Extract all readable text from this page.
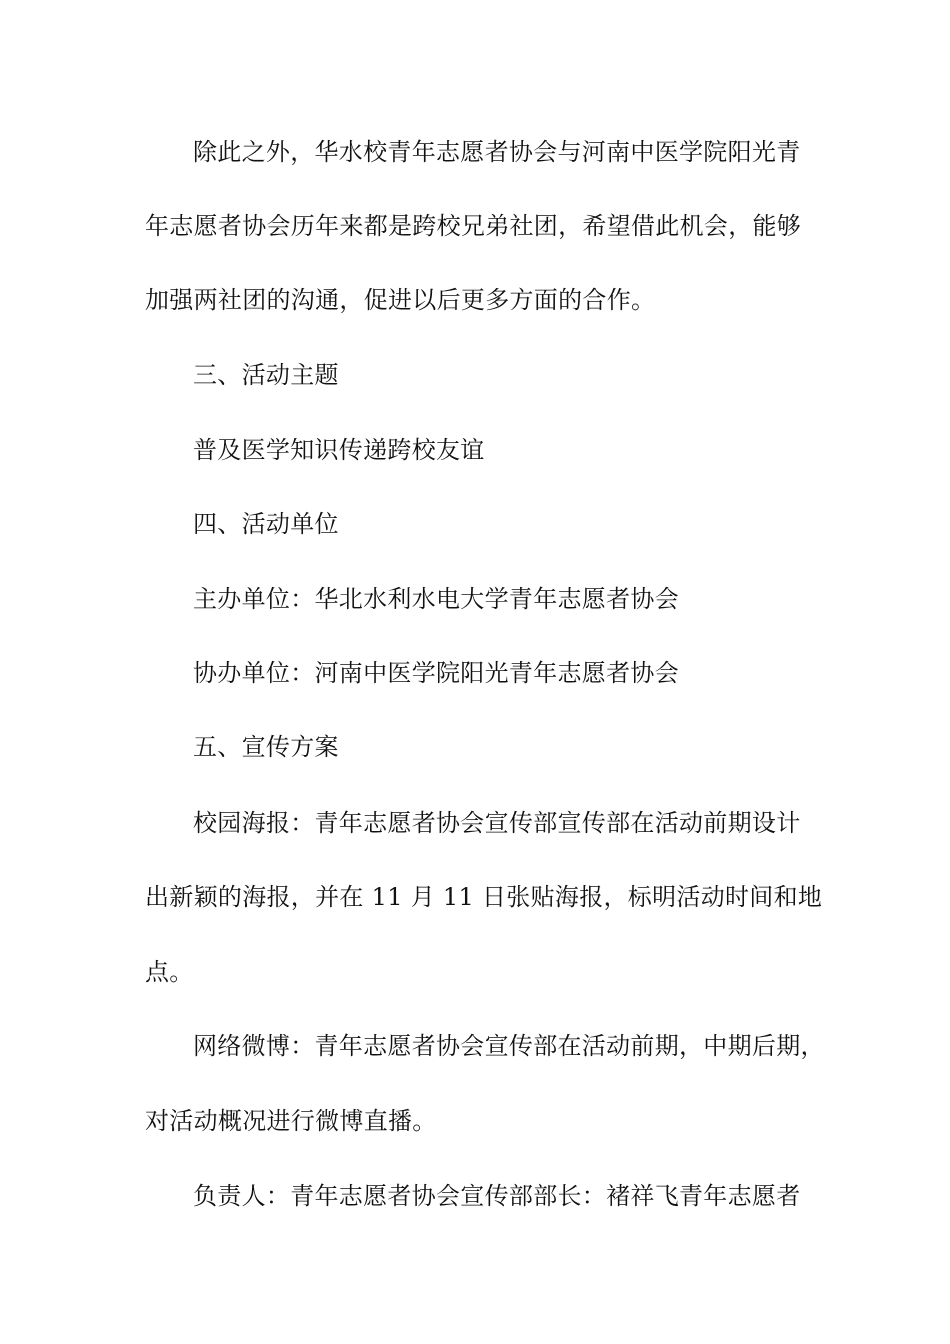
除此之外，华水校青年志愿者协会与河南中医学院阳光青
年志愿者协会历年来都是跨校兄弟社团，希望借此机会，能够
加强两社团的沟通，促进以后更多方面的合作。
三、活动主题
普及医学知识传递跨校友谊
四、活动单位
主办单位：华北水利水电大学青年志愿者协会
协办单位：河南中医学院阳光青年志愿者协会
五、宣传方案
校园海报：青年志愿者协会宣传部宣传部在活动前期设计
出新颖的海报，并在 11 月 11 日张贴海报，标明活动时间和地
点。
网络微博：青年志愿者协会宣传部在活动前期，中期后期，
对活动概况进行微博直播。
负责人：青年志愿者协会宣传部部长：褚祥飞青年志愿者
